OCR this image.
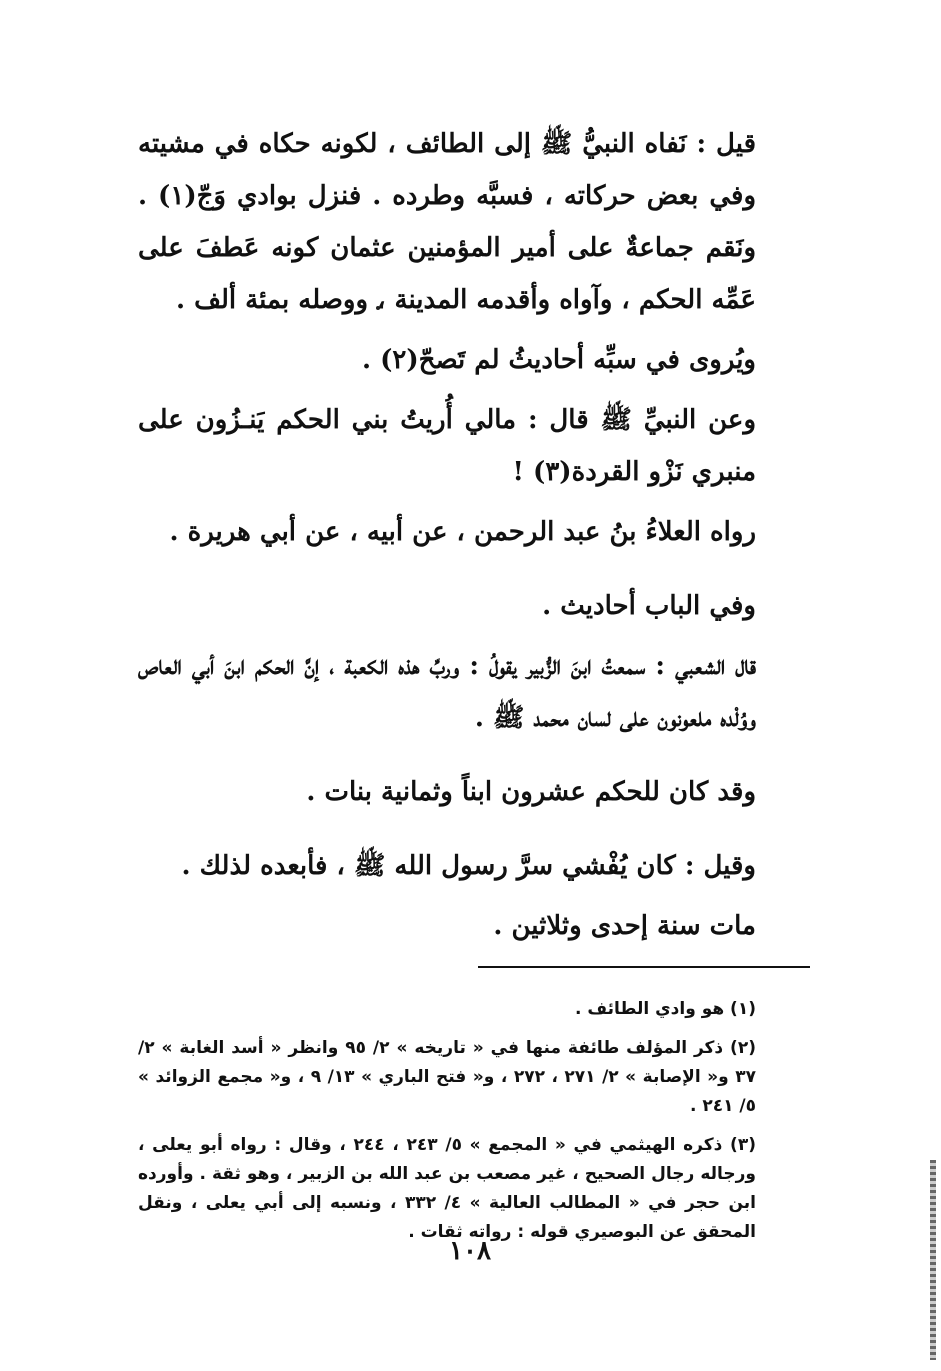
قيل : نَفاه النبيُّ ﷺ إلى الطائف ، لكونه حكاه في مشيته وفي بعض حركاته ، فسبَّه وطرده . فنزل بوادي وَجّ(١) . ونَقم جماعةٌ على أمير المؤمنين عثمان كونه عَطفَ على عَمِّه الحكم ، وآواه وأقدمه المدينة ، ووصله بمئة ألف .

ويُروى في سبِّه أحاديثُ لم تَصحّ(٢) .

وعن النبيِّ ﷺ قال : مالي أُريتُ بني الحكم يَنـزُون على منبري نَزْو القردة(٣) !

رواه العلاءُ بنُ عبد الرحمن ، عن أبيه ، عن أبي هريرة .

وفي الباب أحاديث .

قال الشعبي : سمعتُ ابنَ الزُّبير يقولُ : وربِّ هذه الكعبة ، إنَّ الحكم ابنَ أبي العاص ووُلْده ملعونون على لسان محمد ﷺ .

وقد كان للحكم عشرون ابناً وثمانية بنات .

وقيل : كان يُفْشي سرَّ رسول الله ﷺ ، فأبعده لذلك .

مات سنة إحدى وثلاثين .

(١) هو وادي الطائف .

(٢) ذكر المؤلف طائفة منها في « تاريخه » ٢/ ٩٥ وانظر « أسد الغابة » ٢/ ٣٧ و« الإصابة » ٢/ ٢٧١ ، ٢٧٢ ، و« فتح الباري » ١٣/ ٩ ، و« مجمع الزوائد » ٥/ ٢٤١ .

(٣) ذكره الهيثمي في « المجمع » ٥/ ٢٤٣ ، ٢٤٤ ، وقال : رواه أبو يعلى ، ورجاله رجال الصحيح ، غير مصعب بن عبد الله بن الزبير ، وهو ثقة . وأورده ابن حجر في « المطالب العالية » ٤/ ٣٣٢ ، ونسبه إلى أبي يعلى ، ونقل المحقق عن البوصيري قوله : رواته ثقات .

١٠٨
